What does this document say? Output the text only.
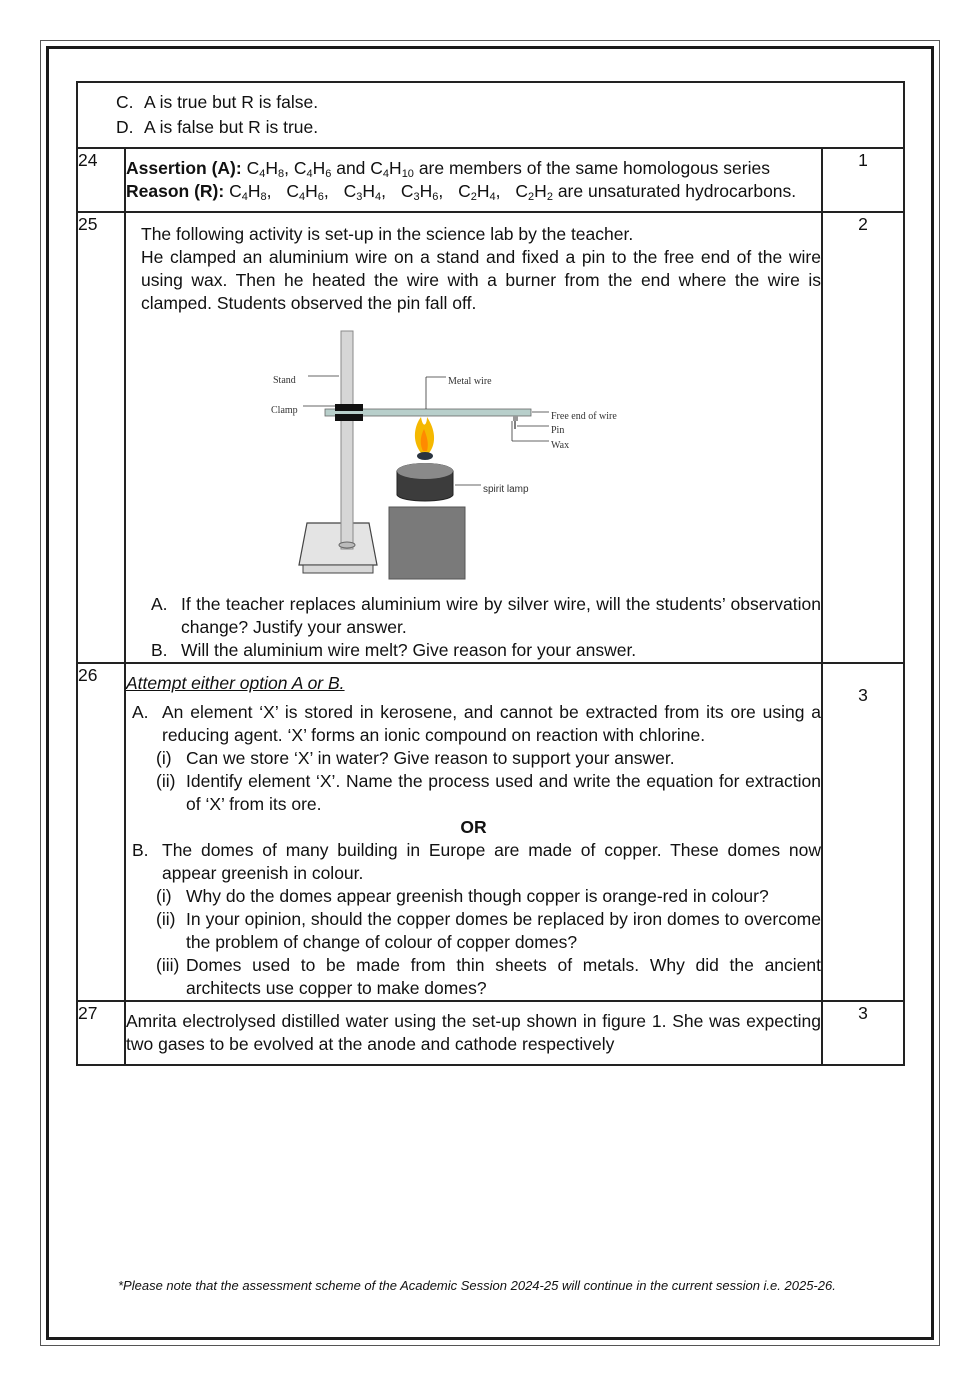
C. A is true but R is false.
D. A is false but R is true.		

24	Assertion (A): $C_4H_8$, $C_4H_6$ and $C_4H_{10}$ are members of the same homologous series
Reason (R): $C_4H_8$, $C_4H_6$, $C_3H_4$, $C_3H_6$, $C_2H_4$, $C_2H_2$ are unsaturated hydrocarbons.	1
25	The following activity is set-up in the science lab by the teacher.
He clamped an aluminium wire on a stand and fixed a pin to the free end of the wire using wax. Then he heated the wire with a burner from the end where the wire is clamped. Students observed the pin fall off.
Stand
Clamp
Metal wire
Free end of wire
Pin
Wax
spirit lamp
A. If the teacher replaces aluminium wire by silver wire, will the students’ observation change? Justify your answer.
B. Will the aluminium wire melt? Give reason for your answer.
	2
26	Attempt either option A or B.
A. An element ‘X’ is stored in kerosene, and cannot be extracted from its ore using a reducing agent. ‘X’ forms an ionic compound on reaction with chlorine.
(i) Can we store ‘X’ in water? Give reason to support your answer.
(ii) Identify element ‘X’. Name the process used and write the equation for extraction of ‘X’ from its ore.
OR
B. The domes of many building in Europe are made of copper. These domes now appear greenish in colour.
(i) Why do the domes appear greenish though copper is orange-red in colour?
(ii) In your opinion, should the copper domes be replaced by iron domes to overcome the problem of change of colour of copper domes?
(iii) Domes used to be made from thin sheets of metals. Why did the ancient architects use copper to make domes?
	3
27	Amrita electrolysed distilled water using the set-up shown in figure 1. She was expecting two gases to be evolved at the anode and cathode respectively	3
*Please note that the assessment scheme of the Academic Session 2024-25 will continue in the current session i.e. 2025-26.
